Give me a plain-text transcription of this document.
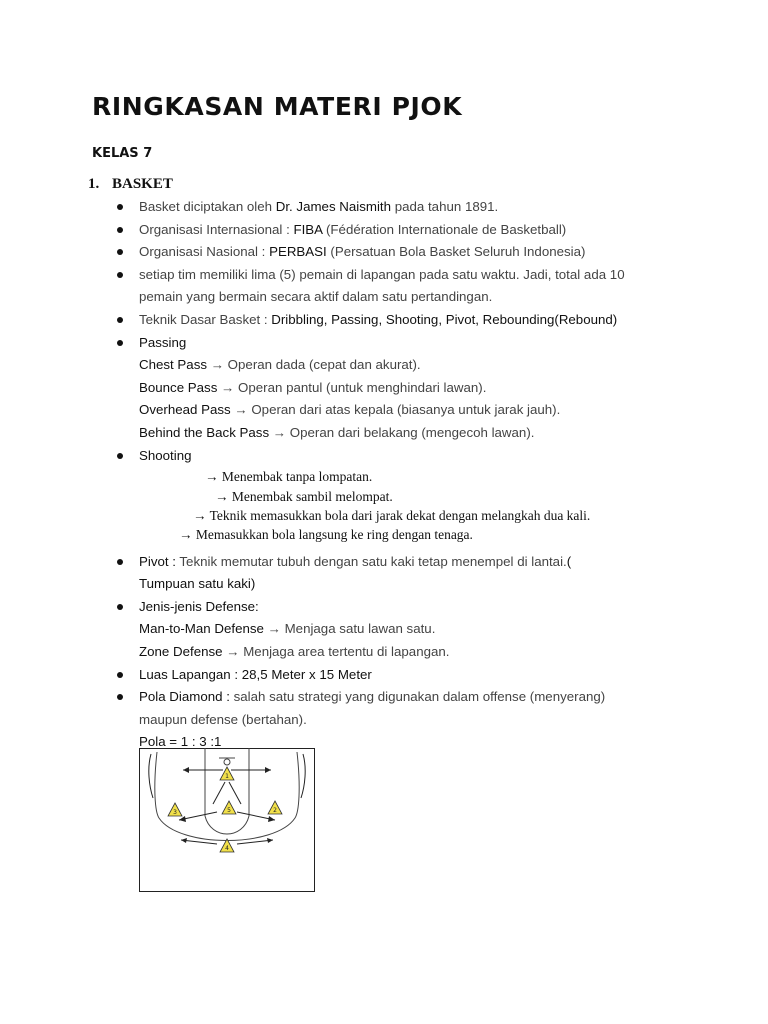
RINGKASAN MATERI PJOK
KELAS 7
1. BASKET
Basket diciptakan oleh Dr. James Naismith pada tahun 1891.
Organisasi Internasional : FIBA (Fédération Internationale de Basketball)
Organisasi Nasional : PERBASI (Persatuan Bola Basket Seluruh Indonesia)
setiap tim memiliki lima (5) pemain di lapangan pada satu waktu. Jadi, total ada 10
pemain yang bermain secara aktif dalam satu pertandingan.
Teknik Dasar Basket : Dribbling, Passing, Shooting, Pivot, Rebounding(Rebound)
Passing
Chest Pass → Operan dada (cepat dan akurat).
Bounce Pass → Operan pantul (untuk menghindari lawan).
Overhead Pass → Operan dari atas kepala (biasanya untuk jarak jauh).
Behind the Back Pass → Operan dari belakang (mengecoh lawan).
Shooting
→ Menembak tanpa lompatan.
→ Menembak sambil melompat.
→ Teknik memasukkan bola dari jarak dekat dengan melangkah dua kali.
→ Memasukkan bola langsung ke ring dengan tenaga.
Pivot : Teknik memutar tubuh dengan satu kaki tetap menempel di lantai.(
Tumpuan satu kaki)
Jenis-jenis Defense:
Man-to-Man Defense → Menjaga satu lawan satu.
Zone Defense → Menjaga area tertentu di lapangan.
Luas Lapangan : 28,5 Meter x 15 Meter
Pola Diamond : salah satu strategi yang digunakan dalam offense (menyerang)
maupun defense (bertahan).
Pola = 1 : 3 :1
1
2
3
4
5
